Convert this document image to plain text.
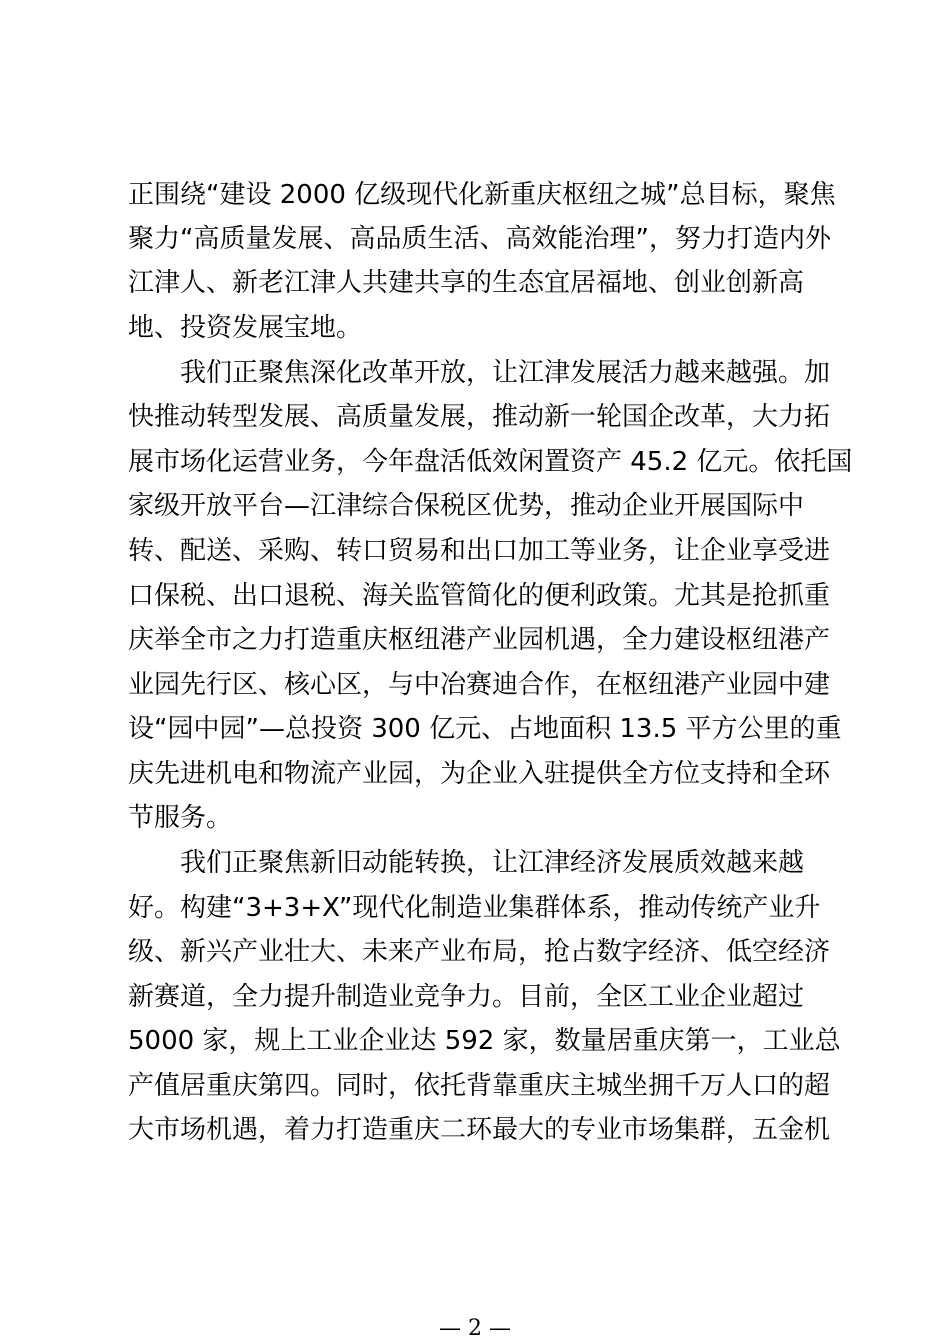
正围绕“建设 2000 亿级现代化新重庆枢纽之城”总目标，聚焦
聚力“高质量发展、高品质生活、高效能治理”，努力打造内外
江津人、新老江津人共建共享的生态宜居福地、创业创新高
地、投资发展宝地。
我们正聚焦深化改革开放，让江津发展活力越来越强。加
快推动转型发展、高质量发展，推动新一轮国企改革，大力拓
展市场化运营业务，今年盘活低效闲置资产 45.2 亿元。依托国
家级开放平台—江津综合保税区优势，推动企业开展国际中
转、配送、采购、转口贸易和出口加工等业务，让企业享受进
口保税、出口退税、海关监管简化的便利政策。尤其是抢抓重
庆举全市之力打造重庆枢纽港产业园机遇，全力建设枢纽港产
业园先行区、核心区，与中冶赛迪合作，在枢纽港产业园中建
设“园中园”—总投资 300 亿元、占地面积 13.5 平方公里的重
庆先进机电和物流产业园，为企业入驻提供全方位支持和全环
节服务。
我们正聚焦新旧动能转换，让江津经济发展质效越来越
好。构建“3+3+X”现代化制造业集群体系，推动传统产业升
级、新兴产业壮大、未来产业布局，抢占数字经济、低空经济
新赛道，全力提升制造业竞争力。目前，全区工业企业超过
5000 家，规上工业企业达 592 家，数量居重庆第一，工业总
产值居重庆第四。同时，依托背靠重庆主城坐拥千万人口的超
大市场机遇，着力打造重庆二环最大的专业市场集群，五金机
— 2 —
